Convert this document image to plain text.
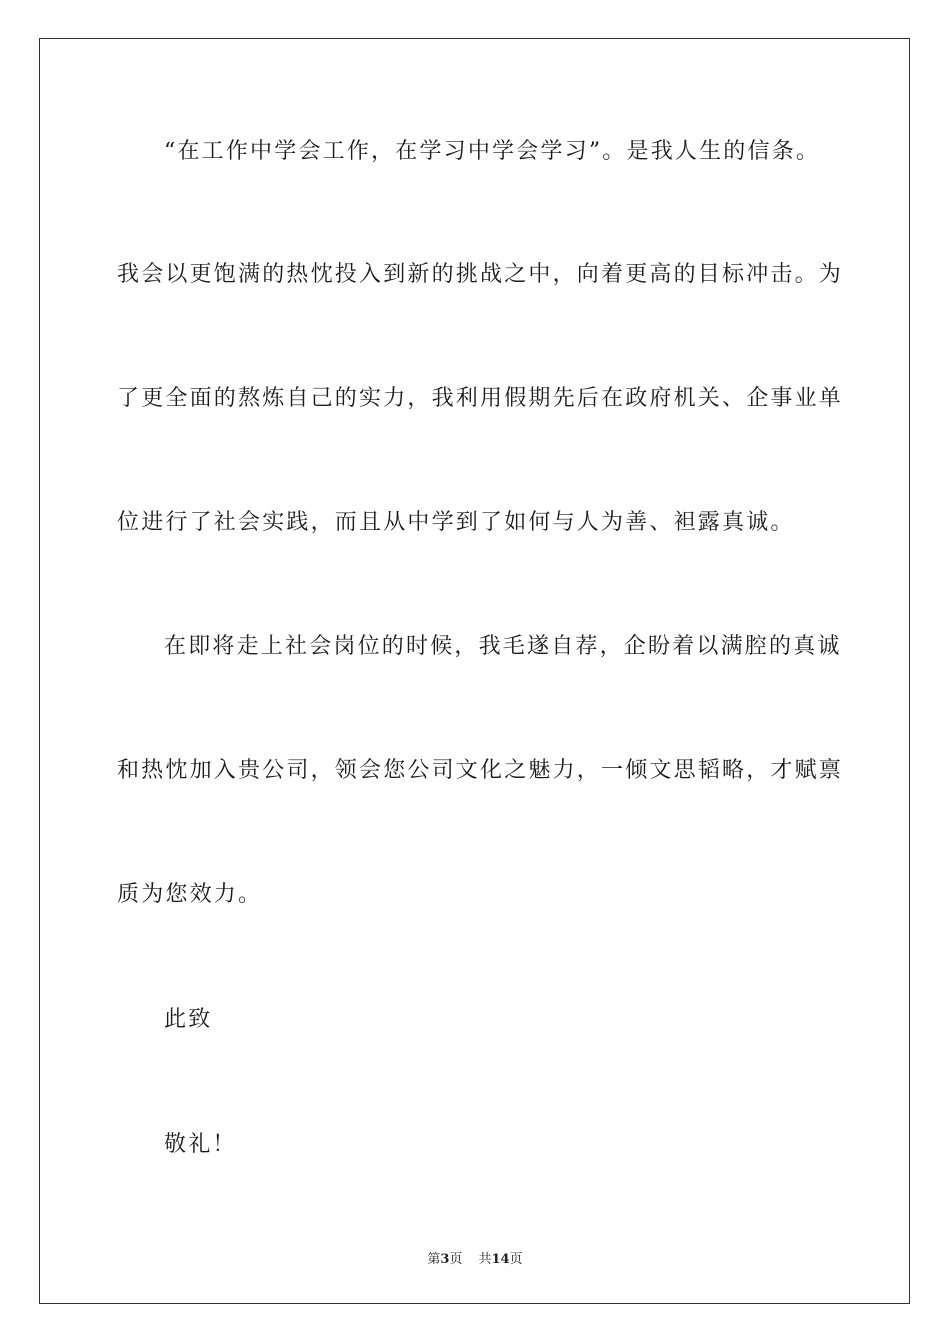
“在工作中学会工作，在学习中学会学习”。是我人生的信条。
我会以更饱满的热忱投入到新的挑战之中，向着更高的目标冲击。为
了更全面的熬炼自己的实力，我利用假期先后在政府机关、企事业单
位进行了社会实践，而且从中学到了如何与人为善、袒露真诚。
在即将走上社会岗位的时候，我毛遂自荐，企盼着以满腔的真诚
和热忱加入贵公司，领会您公司文化之魅力，一倾文思韬略，才赋禀
质为您效力。
此致
敬礼！
第3页 共14页
